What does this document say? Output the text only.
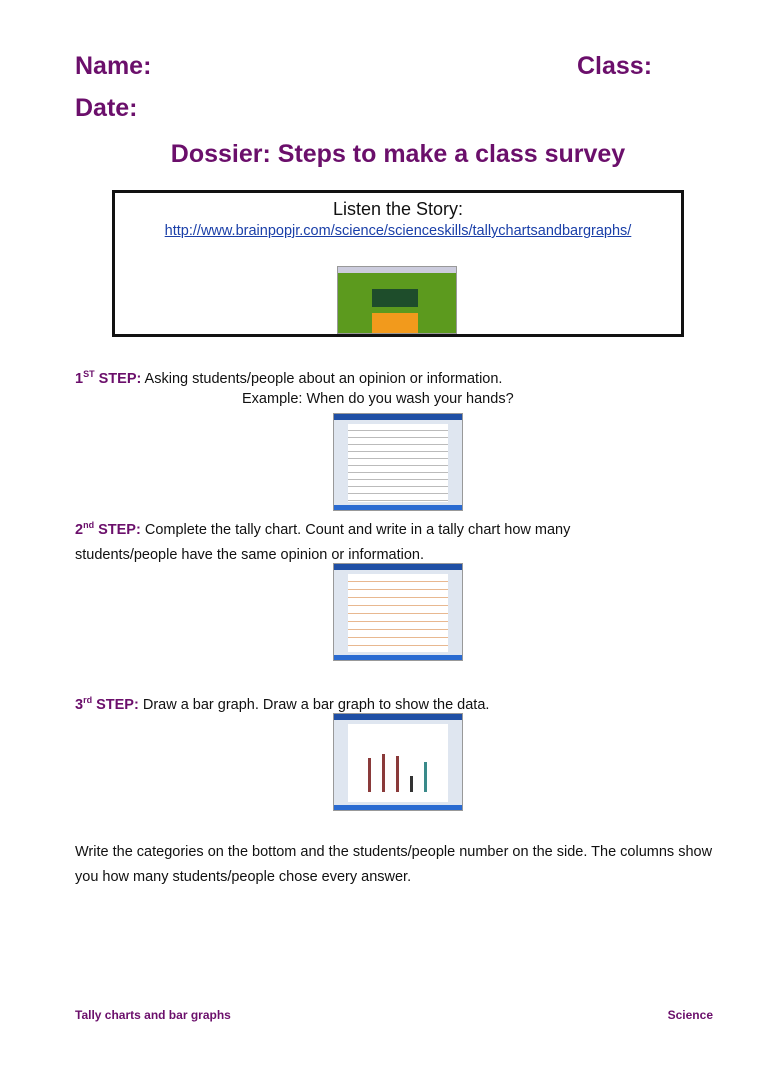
Name:	Class:
Date:
Dossier: Steps to make a class survey
Listen the Story:
http://www.brainpopjr.com/science/scienceskills/tallychartsandbargraphs/
1ST STEP: Asking students/people about an opinion or information.
Example: When do you wash your hands?
2nd STEP: Complete the tally chart. Count and write in a tally chart how many students/people have the same opinion or information.
3rd STEP: Draw a bar graph. Draw a bar graph to show the data.
Write the categories on the bottom and the students/people number on the side. The columns show you how many students/people chose every answer.
Tally charts and bar graphs	Science
